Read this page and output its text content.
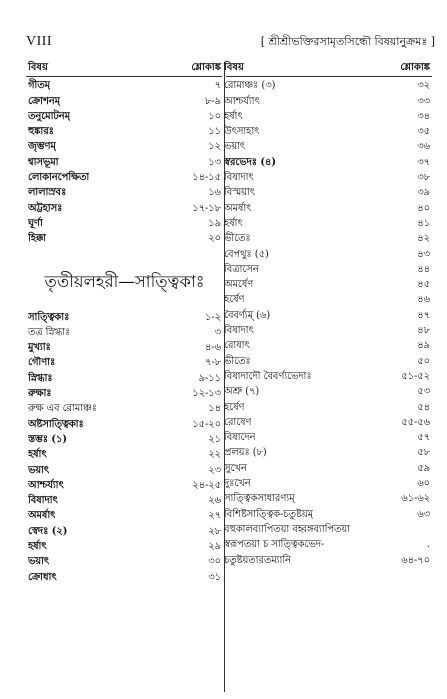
VIII	[ শ্রীশ্রীভক্তিরসামৃতসিন্ধৌ বিষয়ানুক্রমঃ ]
বিষয়	শ্লোকাঙ্ক
গীতম্	৭
ক্রোশনম্	৮-৯
তনুমোটনম্	১০
হুঙ্কারঃ	১১
জৃম্ভণম্	১২
শ্বাসভূমা	১৩
লোকানপেক্ষিতা	১৪-১৫
লালাস্রবঃ	১৬
অট্টহাসঃ	১৭-১৮
ঘূর্ণা	১৯
হিক্কা	২০
তৃতীয়লহরী—সাত্ত্বিকাঃ
সাত্ত্বিকাঃ	১-২
তত্র স্নিগ্ধাঃ	৩
মুখ্যাঃ	৪-৬
গৌণাঃ	৭-৮
স্নিগ্ধাঃ	৯-১১
রুক্ষাঃ	১২-১৩
রুক্ষ এব রোমাঞ্চঃ	১৪
অষ্টসাত্ত্বিকাঃ	১৫-২০
স্তম্ভঃ (১)	২১
হর্ষাৎ	২২
ভয়াৎ	২৩
আশ্চর্য্যাৎ	২৪-২৫
বিষাদাৎ	২৬
অমর্ষাৎ	২৭
স্বেদঃ (২)	২৮
হর্ষাৎ	২৯
ভয়াৎ	৩০
ক্রোধাৎ	৩১
বিষয়	শ্লোকাঙ্ক
রোমাঞ্চঃ (৩)	৩২
আশ্চর্য্যাৎ	৩৩
হর্ষাৎ	৩৪
উৎসাহাৎ	৩৫
ভয়াৎ	৩৬
স্বরভেদঃ (৪)	৩৭
বিষাদাৎ	৩৮
বিস্ময়াৎ	৩৯
অমর্ষাৎ	৪০
হর্ষাৎ	৪১
ভীতেঃ	৪২
বেপথুঃ (৫)	৪৩
বিত্রাসেন	৪৪
অমর্ষেণ	৪৫
হর্ষেণ	৪৬
বৈবর্ণ্যম্ (৬)	৪৭
বিষাদাৎ	৪৮
রোষাৎ	৪৯
ভীতেঃ	৫০
বিষাদাদৌ বৈবর্ণ্যভেদাঃ	৫১-৫২
অশ্রু (৭)	৫৩
হর্ষেণ	৫৪
রোষেণ	৫৫-৫৬
বিষাদেন	৫৭
প্রলয়ঃ (৮)	৫৮
সুখেন	৫৯
দুঃখেন	৬০
সাত্ত্বিকসাধারণ্যম্	৬১-৬২
বিশিষ্টসাত্ত্বিক-চতুষ্টয়ম্	৬৩
বহুকালব্যাপিতয়া বহ্বঙ্গব্যাপিতয়া
স্বরূপতয়া চ সাত্ত্বিকভেদ-	.
চতুষ্টয়তারতম্যানি	৬৪-৭০
